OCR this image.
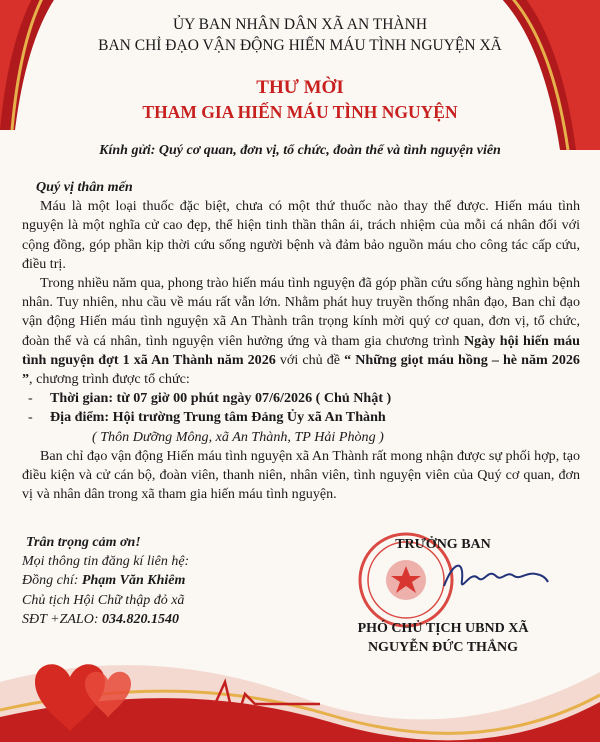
ỦY BAN NHÂN DÂN XÃ AN THÀNH
BAN CHỈ ĐẠO VẬN ĐỘNG HIẾN MÁU TÌNH NGUYỆN XÃ
THƯ MỜI
THAM GIA HIẾN MÁU TÌNH NGUYỆN
Kính gửi: Quý cơ quan, đơn vị, tổ chức, đoàn thể và tình nguyện viên

Quý vị thân mến

Máu là một loại thuốc đặc biệt, chưa có một thứ thuốc nào thay thế được. Hiến máu tình nguyện là một nghĩa cử cao đẹp, thể hiện tinh thần thân ái, trách nhiệm của mỗi cá nhân đối với cộng đồng, góp phần kịp thời cứu sống người bệnh và đảm bảo nguồn máu cho công tác cấp cứu, điều trị.

Trong nhiều năm qua, phong trào hiến máu tình nguyện đã góp phần cứu sống hàng nghìn bệnh nhân. Tuy nhiên, nhu cầu về máu rất vẫn lớn. Nhằm phát huy truyền thống nhân đạo, Ban chỉ đạo vận động Hiến máu tình nguyện xã An Thành trân trọng kính mời quý cơ quan, đơn vị, tổ chức, đoàn thể và cá nhân, tình nguyện viên hưởng ứng và tham gia chương trình Ngày hội hiến máu tình nguyện đợt 1 xã An Thành năm 2026 với chủ đề “ Những giọt máu hồng – hè năm 2026 ”, chương trình được tổ chức:

- Thời gian: từ 07 giờ 00 phút ngày 07/6/2026 ( Chủ Nhật )

- Địa điểm: Hội trường Trung tâm Đảng Ủy xã An Thành

( Thôn Dưỡng Mông, xã An Thành, TP Hải Phòng )

Ban chỉ đạo vận động Hiến máu tình nguyện xã An Thành rất mong nhận được sự phối hợp, tạo điều kiện và cử cán bộ, đoàn viên, thanh niên, nhân viên, tình nguyện viên của Quý cơ quan, đơn vị và nhân dân trong xã tham gia hiến máu tình nguyện.

Trân trọng cảm ơn!
Mọi thông tin đăng kí liên hệ:
Đồng chí: Phạm Văn Khiêm
Chủ tịch Hội Chữ thập đỏ xã
SĐT +ZALO: 034.820.1540
TRƯỞNG BAN
PHÓ CHỦ TỊCH UBND XÃ
NGUYỄN ĐỨC THẮNG
